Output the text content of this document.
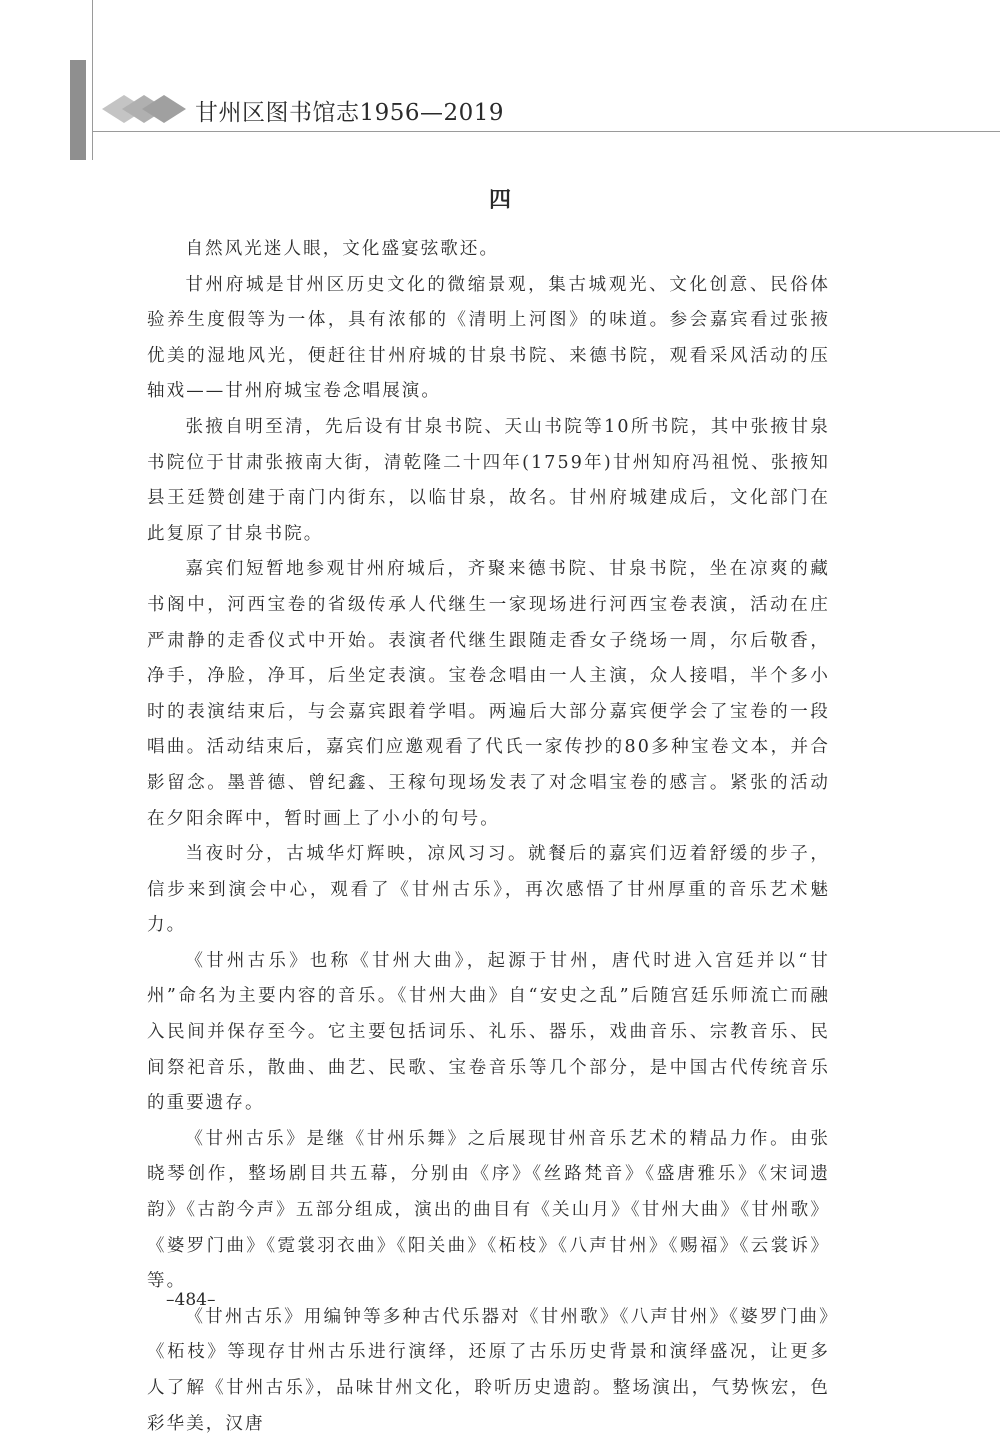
甘州区图书馆志1956—2019
四

自然风光迷人眼，文化盛宴弦歌还。

甘州府城是甘州区历史文化的微缩景观，集古城观光、文化创意、民俗体验养生度假等为一体，具有浓郁的《清明上河图》的味道。参会嘉宾看过张掖优美的湿地风光，便赶往甘州府城的甘泉书院、来德书院，观看采风活动的压轴戏——甘州府城宝卷念唱展演。

张掖自明至清，先后设有甘泉书院、天山书院等10所书院，其中张掖甘泉书院位于甘肃张掖南大街，清乾隆二十四年(1759年)甘州知府冯祖悦、张掖知县王廷赞创建于南门内街东，以临甘泉，故名。甘州府城建成后，文化部门在此复原了甘泉书院。

嘉宾们短暂地参观甘州府城后，齐聚来德书院、甘泉书院，坐在凉爽的藏书阁中，河西宝卷的省级传承人代继生一家现场进行河西宝卷表演，活动在庄严肃静的走香仪式中开始。表演者代继生跟随走香女子绕场一周，尔后敬香，净手，净脸，净耳，后坐定表演。宝卷念唱由一人主演，众人接唱，半个多小时的表演结束后，与会嘉宾跟着学唱。两遍后大部分嘉宾便学会了宝卷的一段唱曲。活动结束后，嘉宾们应邀观看了代氏一家传抄的80多种宝卷文本，并合影留念。墨普德、曾纪鑫、王稼句现场发表了对念唱宝卷的感言。紧张的活动在夕阳余晖中，暂时画上了小小的句号。

当夜时分，古城华灯辉映，凉风习习。就餐后的嘉宾们迈着舒缓的步子，信步来到演会中心，观看了《甘州古乐》，再次感悟了甘州厚重的音乐艺术魅力。

《甘州古乐》也称《甘州大曲》，起源于甘州，唐代时进入宫廷并以“甘州”命名为主要内容的音乐。《甘州大曲》自“安史之乱”后随宫廷乐师流亡而融入民间并保存至今。它主要包括词乐、礼乐、器乐，戏曲音乐、宗教音乐、民间祭祀音乐，散曲、曲艺、民歌、宝卷音乐等几个部分，是中国古代传统音乐的重要遗存。

《甘州古乐》是继《甘州乐舞》之后展现甘州音乐艺术的精品力作。由张晓琴创作，整场剧目共五幕，分别由《序》《丝路梵音》《盛唐雅乐》《宋词遗韵》《古韵今声》五部分组成，演出的曲目有《关山月》《甘州大曲》《甘州歌》《婆罗门曲》《霓裳羽衣曲》《阳关曲》《柘枝》《八声甘州》《赐福》《云裳诉》等。

《甘州古乐》用编钟等多种古代乐器对《甘州歌》《八声甘州》《婆罗门曲》《柘枝》等现存甘州古乐进行演绎，还原了古乐历史背景和演绎盛况，让更多人了解《甘州古乐》，品味甘州文化，聆听历史遗韵。整场演出，气势恢宏，色彩华美，汉唐

–484–
